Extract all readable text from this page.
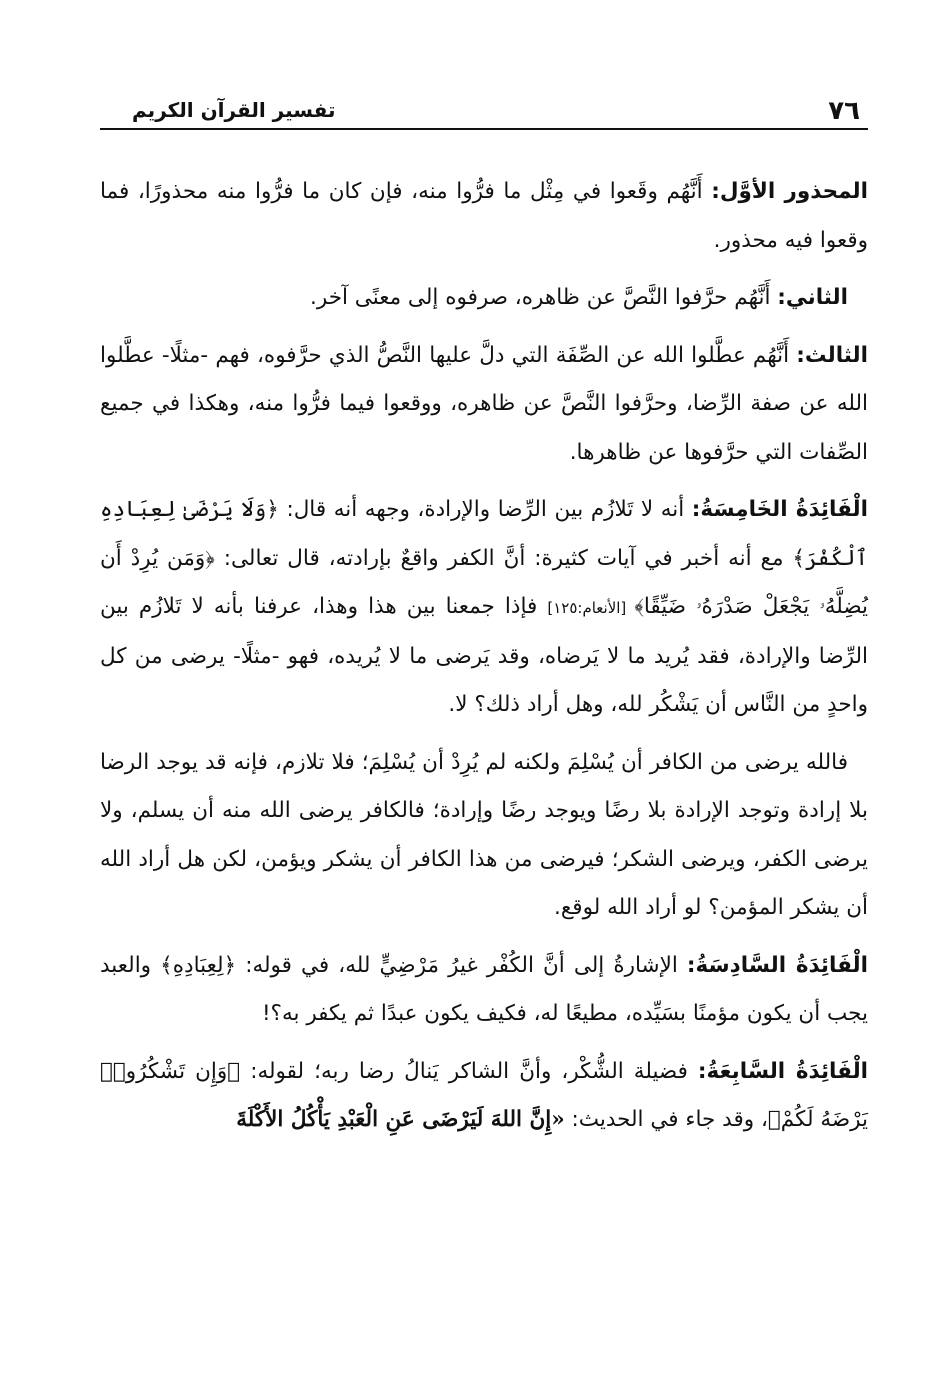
٧٦
تفسير القرآن الكريم

المحذور الأوَّل: أَنَّهُم وقَعوا في مِثْل ما فرُّوا منه، فإن كان ما فرُّوا منه محذورًا، فما وقعوا فيه محذور.

الثاني: أَنَّهُم حرَّفوا النَّصَّ عن ظاهره، صرفوه إلى معنًى آخر.

الثالث: أَنَّهُم عطَّلوا الله عن الصِّفَة التي دلَّ عليها النَّصُّ الذي حرَّفوه، فهم -مثلًا- عطَّلوا الله عن صفة الرِّضا، وحرَّفوا النَّصَّ عن ظاهره، ووقعوا فيما فرُّوا منه، وهكذا في جميع الصِّفات التي حرَّفوها عن ظاهرها.

الْفَائِدَةُ الخَامِسَةُ: أنه لا تَلازُم بين الرِّضا والإرادة، وجهه أنه قال: ﴿وَلَا يَرْضَىٰ لِعِبَادِهِ ٱلْكُفْرَ﴾ مع أنه أخبر في آيات كثيرة: أنَّ الكفر واقعٌ بإرادته، قال تعالى: ﴿وَمَن يُرِدْ أَن يُضِلَّهُۥ يَجْعَلْ صَدْرَهُۥ ضَيِّقًا﴾ [الأنعام:١٢٥] فإذا جمعنا بين هذا وهذا، عرفنا بأنه لا تَلازُم بين الرِّضا والإرادة، فقد يُريد ما لا يَرضاه، وقد يَرضى ما لا يُريده، فهو -مثلًا- يرضى من كل واحدٍ من النَّاس أن يَشْكُر لله، وهل أراد ذلك؟ لا.

فالله يرضى من الكافر أن يُسْلِمَ ولكنه لم يُرِدْ أن يُسْلِمَ؛ فلا تلازم، فإنه قد يوجد الرضا بلا إرادة وتوجد الإرادة بلا رضًا ويوجد رضًا وإرادة؛ فالكافر يرضى الله منه أن يسلم، ولا يرضى الكفر، ويرضى الشكر؛ فيرضى من هذا الكافر أن يشكر ويؤمن، لكن هل أراد الله أن يشكر المؤمن؟ لو أراد الله لوقع.

الْفَائِدَةُ السَّادِسَةُ: الإشارةُ إلى أنَّ الكُفْر غيرُ مَرْضِيٍّ لله، في قوله: ﴿لِعِبَادِهِ﴾ والعبد يجب أن يكون مؤمنًا بسَيِّده، مطيعًا له، فكيف يكون عبدًا ثم يكفر به؟!

الْفَائِدَةُ السَّابِعَةُ: فضيلة الشُّكْر، وأنَّ الشاكر يَنالُ رضا ربه؛ لقوله: ﴿وَإِن تَشْكُرُوا۟ يَرْضَهُ لَكُمْ﴾، وقد جاء في الحديث: «إِنَّ اللهَ لَيَرْضَى عَنِ الْعَبْدِ يَأْكُلُ الأَكْلَةَ
